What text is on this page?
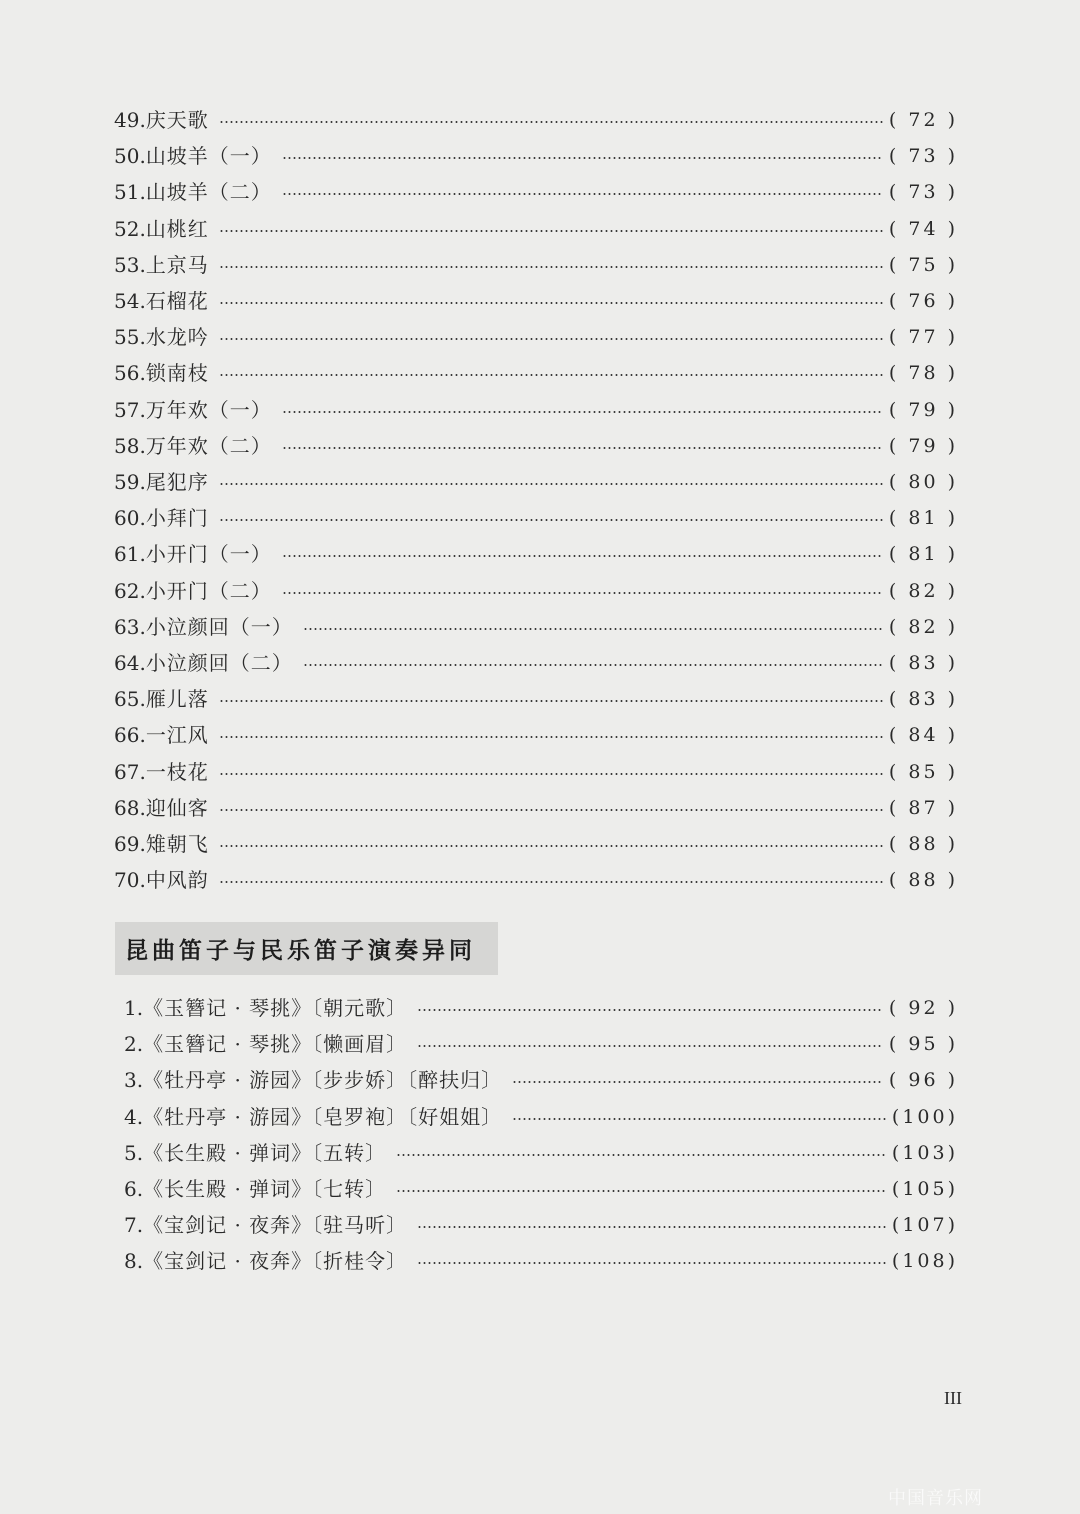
49. 庆天歌	( 72 )
50. 山坡羊（一）	( 73 )
51. 山坡羊（二）	( 73 )
52. 山桃红	( 74 )
53. 上京马	( 75 )
54. 石榴花	( 76 )
55. 水龙吟	( 77 )
56. 锁南枝	( 78 )
57. 万年欢（一）	( 79 )
58. 万年欢（二）	( 79 )
59. 尾犯序	( 80 )
60. 小拜门	( 81 )
61. 小开门（一）	( 81 )
62. 小开门（二）	( 82 )
63. 小泣颜回（一）	( 82 )
64. 小泣颜回（二）	( 83 )
65. 雁儿落	( 83 )
66. 一江风	( 84 )
67. 一枝花	( 85 )
68. 迎仙客	( 87 )
69. 雉朝飞	( 88 )
70. 中风韵	( 88 )
昆曲笛子与民乐笛子演奏异同
1. 《玉簪记 · 琴挑》〔朝元歌〕	( 92 )
2. 《玉簪记 · 琴挑》〔懒画眉〕	( 95 )
3. 《牡丹亭 · 游园》〔步步娇〕〔醉扶归〕	( 96 )
4. 《牡丹亭 · 游园》〔皂罗袍〕〔好姐姐〕	(100)
5. 《长生殿 · 弹词》〔五转〕	(103)
6. 《长生殿 · 弹词》〔七转〕	(105)
7. 《宝剑记 · 夜奔》〔驻马听〕	(107)
8. 《宝剑记 · 夜奔》〔折桂令〕	(108)
III
中国音乐网
